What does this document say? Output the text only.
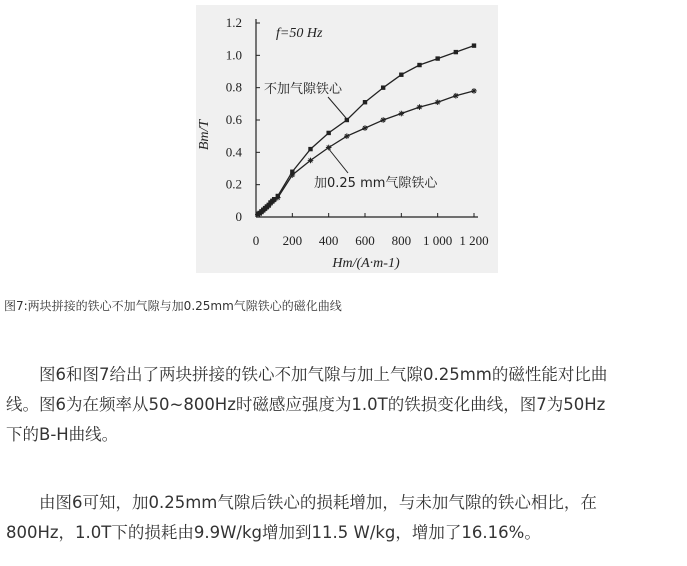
0 200 400 600 800 1 000 1 200
0
0.2
0.4
0.6
0.8
1.0
1.2
f=50 Hz
Bm/T
Hm/(A·m-1)
不加气隙铁心
加0.25 mm气隙铁心
图7:两块拼接的铁心不加气隙与加0.25mm气隙铁心的磁化曲线
图6和图7给出了两块拼接的铁心不加气隙与加上气隙0.25mm的磁性能对比曲
线。图6为在频率从50~800Hz时磁感应强度为1.0T的铁损变化曲线，图7为50Hz
下的B-H曲线。
由图6可知，加0.25mm气隙后铁心的损耗增加，与未加气隙的铁心相比，在
800Hz，1.0T下的损耗由9.9W/kg增加到11.5 W/kg，增加了16.16%。
